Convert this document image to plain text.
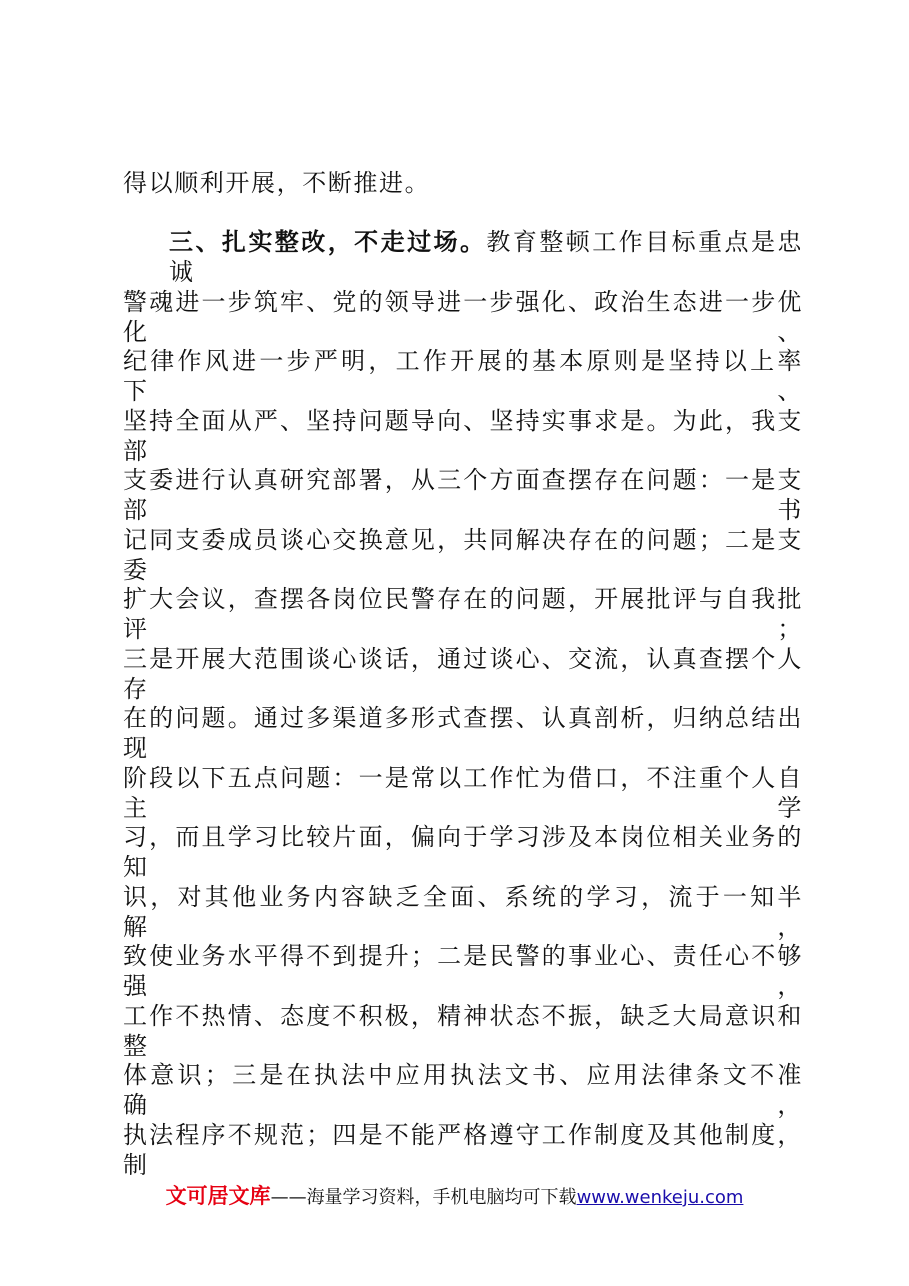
得以顺利开展，不断推进。
三、扎实整改，不走过场。教育整顿工作目标重点是忠诚
警魂进一步筑牢、党的领导进一步强化、政治生态进一步优化、
纪律作风进一步严明，工作开展的基本原则是坚持以上率下、
坚持全面从严、坚持问题导向、坚持实事求是。为此，我支部
支委进行认真研究部署，从三个方面查摆存在问题：一是支部书
记同支委成员谈心交换意见，共同解决存在的问题；二是支委
扩大会议，查摆各岗位民警存在的问题，开展批评与自我批评；
三是开展大范围谈心谈话，通过谈心、交流，认真查摆个人存
在的问题。通过多渠道多形式查摆、认真剖析，归纳总结出现
阶段以下五点问题：一是常以工作忙为借口，不注重个人自主学
习，而且学习比较片面，偏向于学习涉及本岗位相关业务的知
识，对其他业务内容缺乏全面、系统的学习，流于一知半解，
致使业务水平得不到提升；二是民警的事业心、责任心不够强，
工作不热情、态度不积极，精神状态不振，缺乏大局意识和整
体意识；三是在执法中应用执法文书、应用法律条文不准确，
执法程序不规范；四是不能严格遵守工作制度及其他制度，制
文可居文库——海量学习资料，手机电脑均可下载www.wenkeju.com
